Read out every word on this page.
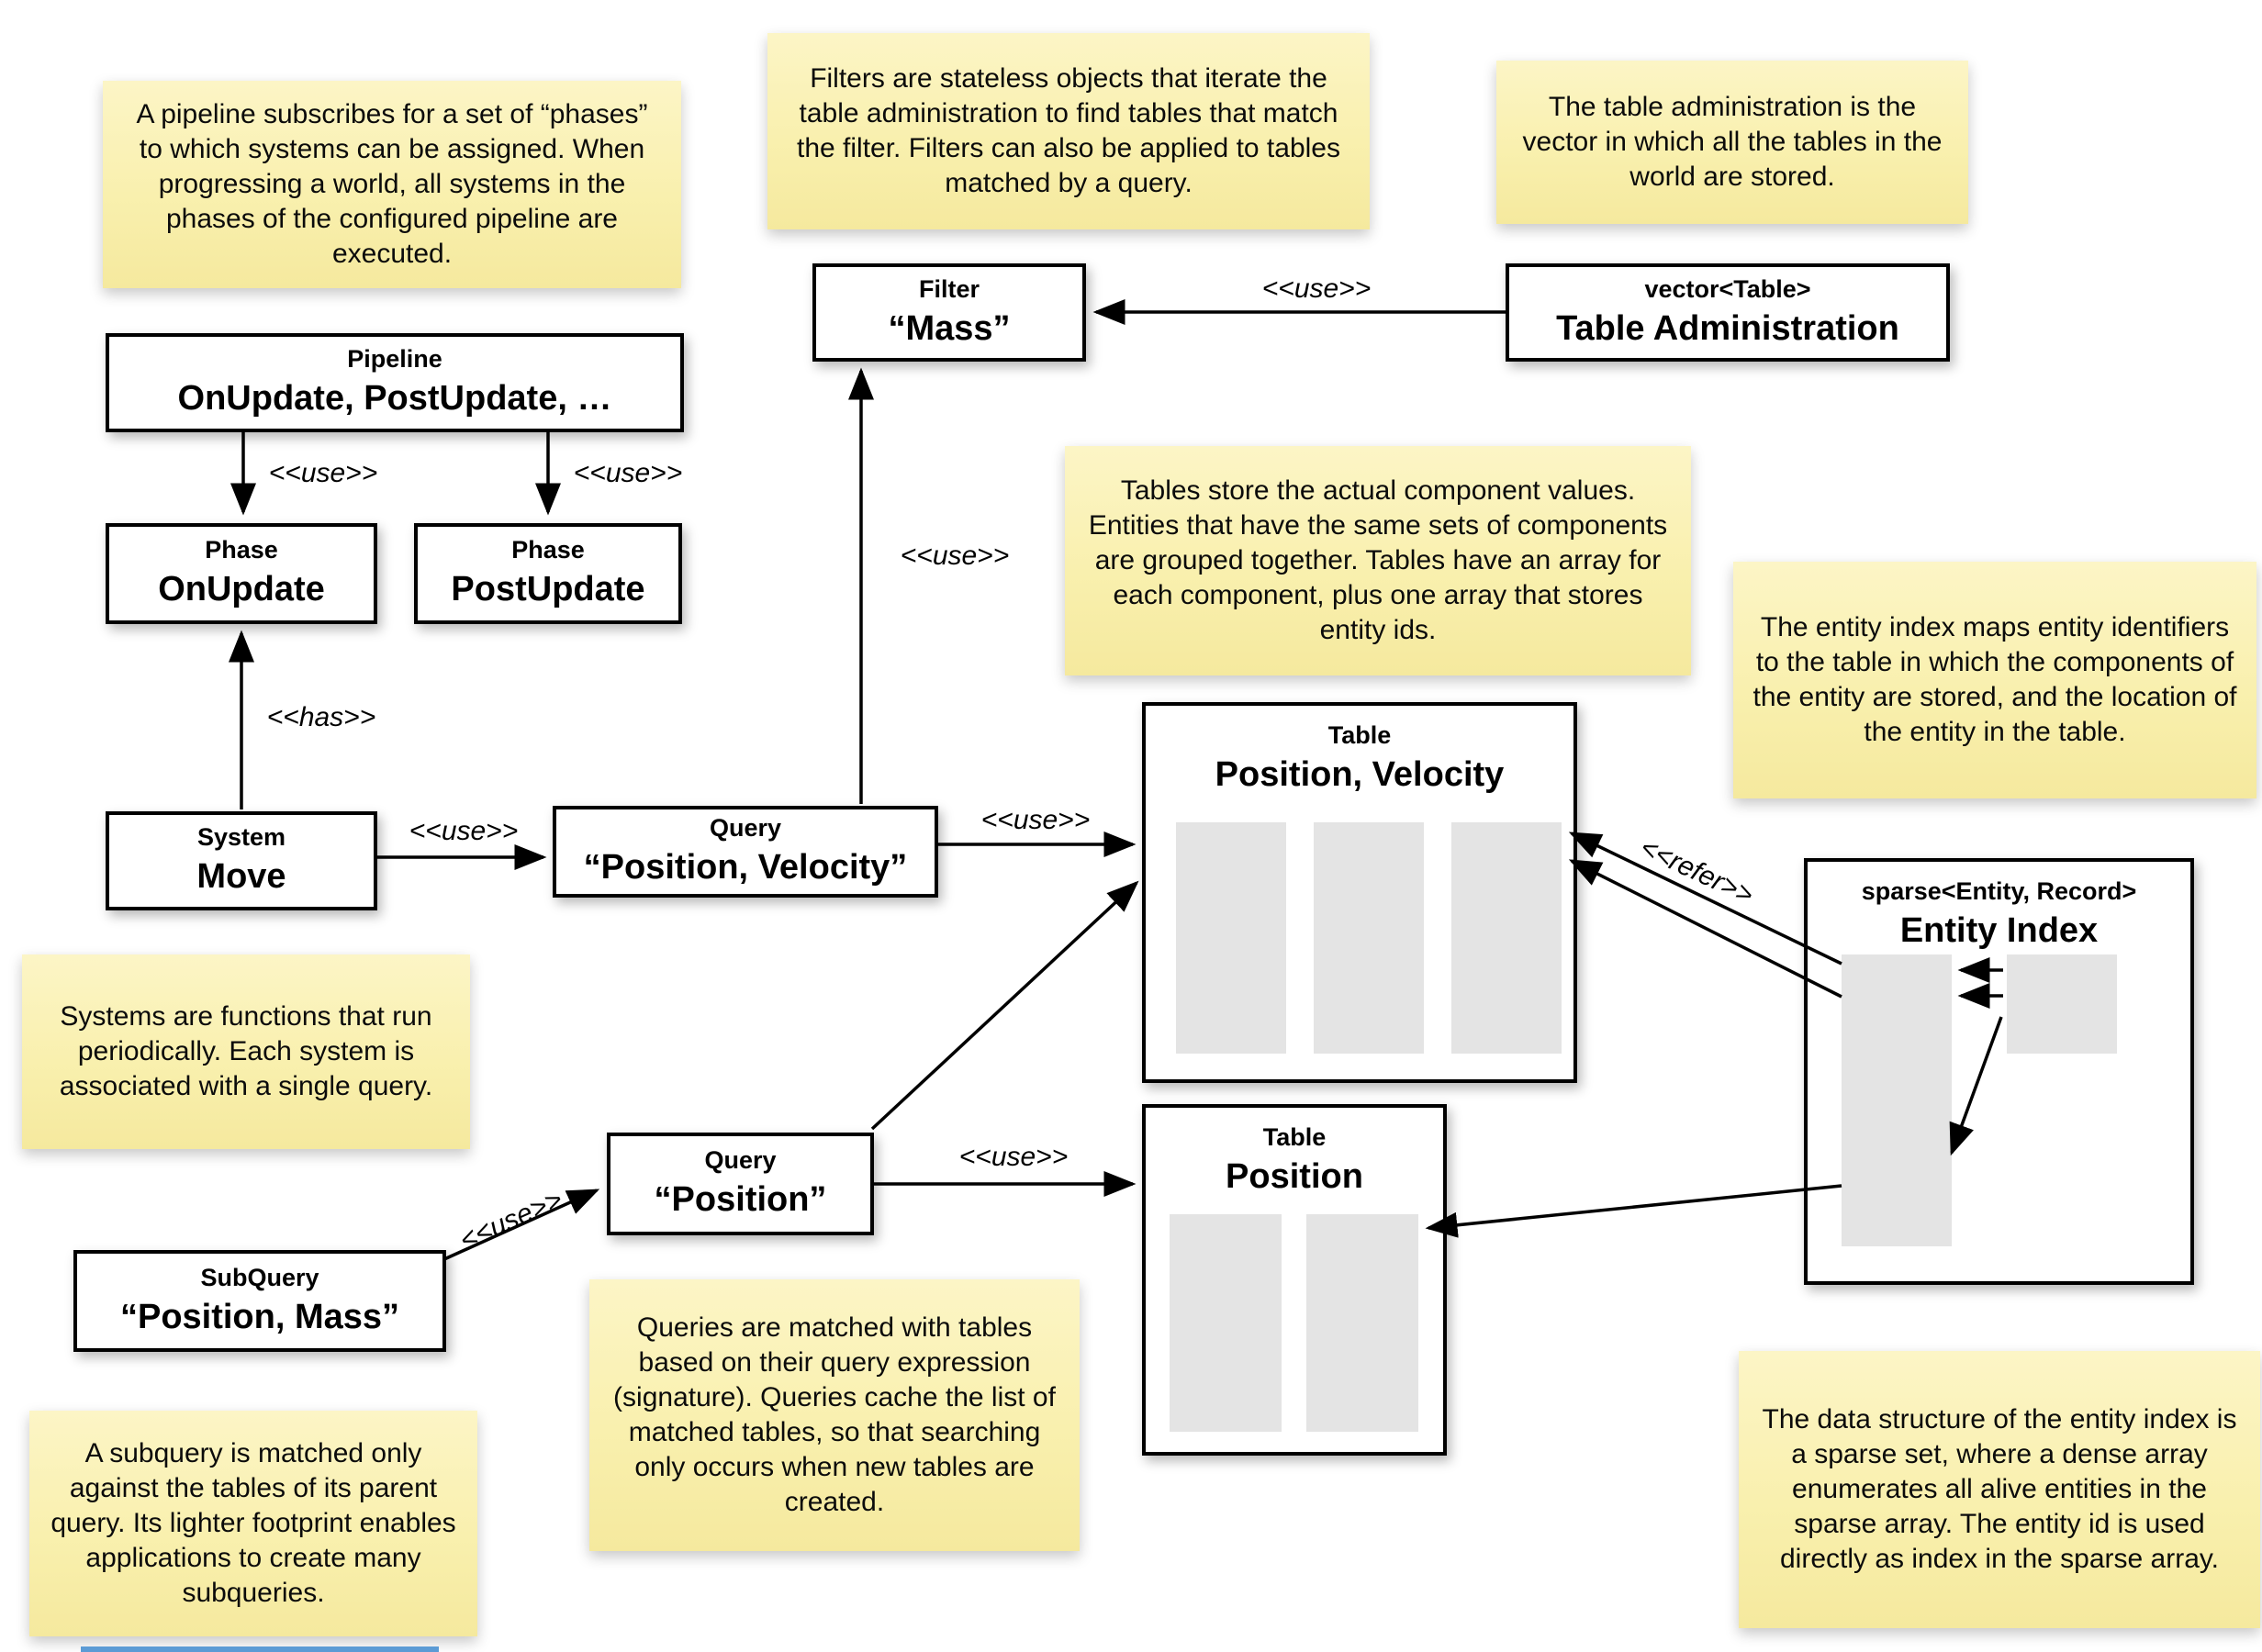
A pipeline subscribes for a set of “phases” to which systems can be assigned. When progressing a world, all systems in the phases of the configured pipeline are executed.
Filters are stateless objects that iterate the table administration to find tables that match the filter. Filters can also be applied to tables matched by a query.
The table administration is the vector in which all the tables in the world are stored.
Tables store the actual component values. Entities that have the same sets of components are grouped together. Tables have an array for each component, plus one array that stores entity ids.	The entity index maps entity identifiers to the table in which the components of the entity are stored, and the location of the entity in the table.
Systems are functions that run periodically. Each system is associated with a single query.
Queries are matched with tables based on their query expression (signature). Queries cache the list of matched tables, so that searching only occurs when new tables are created.
A subquery is matched only against the tables of its parent query. Its lighter footprint enables applications to create many subqueries.
The data structure of the entity index is a sparse set, where a dense array enumerates all alive entities in the sparse array. The entity id is used directly as index in the sparse array.
Pipeline
OnUpdate, PostUpdate, …
Phase
OnUpdate
Phase
PostUpdate
Filter
“Mass”
vector<Table>
Table Administration
System
Move
Query
“Position, Velocity”
Table
Position, Velocity
Query
“Position”
Table
Position
SubQuery
“Position, Mass”
sparse<Entity, Record>
Entity Index
<<use>>	<<use>>
<<has>>
<<use>>
<<use>>
<<use>>
<<use>>
<<use>>
<<use>>
<<refer>>
